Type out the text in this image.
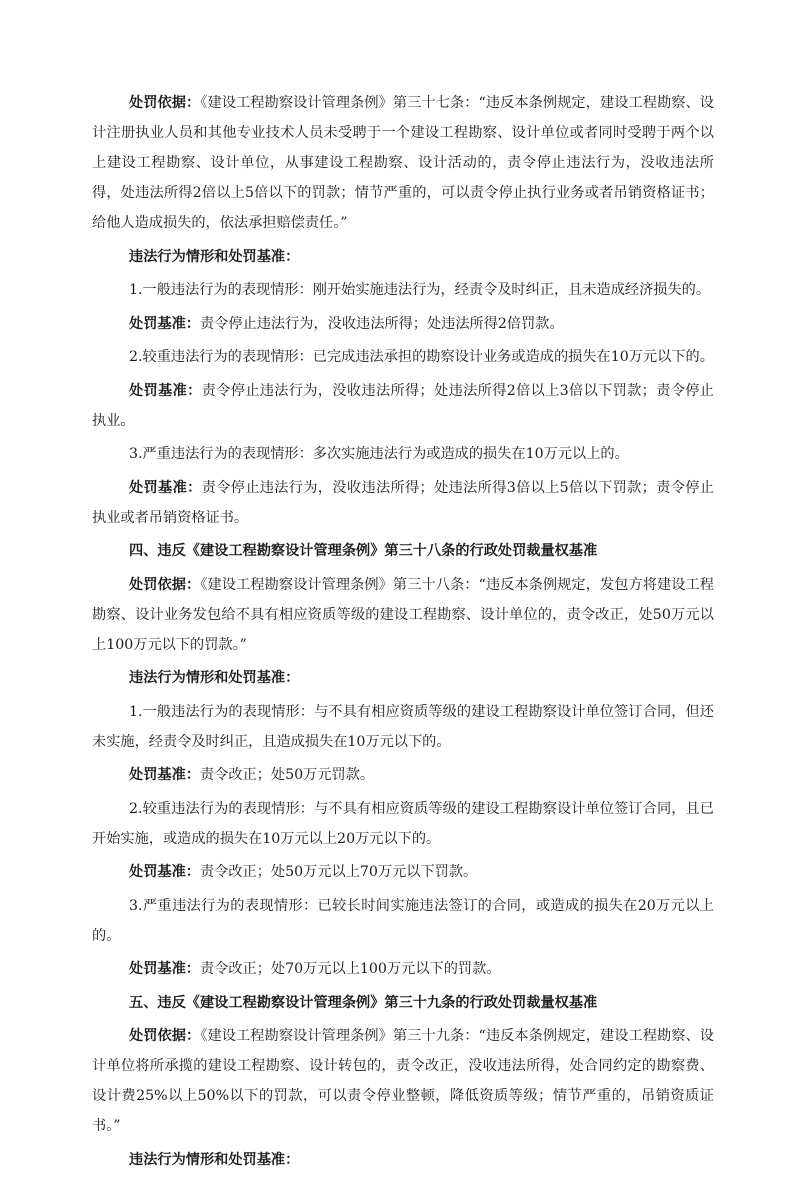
处罚依据：《建设工程勘察设计管理条例》第三十七条：“违反本条例规定，建设工程勘察、设计注册执业人员和其他专业技术人员未受聘于一个建设工程勘察、设计单位或者同时受聘于两个以上建设工程勘察、设计单位，从事建设工程勘察、设计活动的，责令停止违法行为，没收违法所得，处违法所得2倍以上5倍以下的罚款；情节严重的，可以责令停止执行业务或者吊销资格证书；给他人造成损失的，依法承担赔偿责任。”

违法行为情形和处罚基准：

1.一般违法行为的表现情形：刚开始实施违法行为，经责令及时纠正，且未造成经济损失的。

处罚基准：责令停止违法行为，没收违法所得；处违法所得2倍罚款。

2.较重违法行为的表现情形：已完成违法承担的勘察设计业务或造成的损失在10万元以下的。

处罚基准：责令停止违法行为，没收违法所得；处违法所得2倍以上3倍以下罚款；责令停止执业。

3.严重违法行为的表现情形：多次实施违法行为或造成的损失在10万元以上的。

处罚基准：责令停止违法行为，没收违法所得；处违法所得3倍以上5倍以下罚款；责令停止执业或者吊销资格证书。

四、违反《建设工程勘察设计管理条例》第三十八条的行政处罚裁量权基准

处罚依据：《建设工程勘察设计管理条例》第三十八条：“违反本条例规定，发包方将建设工程勘察、设计业务发包给不具有相应资质等级的建设工程勘察、设计单位的，责令改正，处50万元以上100万元以下的罚款。”

违法行为情形和处罚基准：

1.一般违法行为的表现情形：与不具有相应资质等级的建设工程勘察设计单位签订合同，但还未实施，经责令及时纠正，且造成损失在10万元以下的。

处罚基准：责令改正；处50万元罚款。

2.较重违法行为的表现情形：与不具有相应资质等级的建设工程勘察设计单位签订合同，且已开始实施，或造成的损失在10万元以上20万元以下的。

处罚基准：责令改正；处50万元以上70万元以下罚款。

3.严重违法行为的表现情形：已较长时间实施违法签订的合同，或造成的损失在20万元以上的。

处罚基准：责令改正；处70万元以上100万元以下的罚款。

五、违反《建设工程勘察设计管理条例》第三十九条的行政处罚裁量权基准

处罚依据：《建设工程勘察设计管理条例》第三十九条：“违反本条例规定，建设工程勘察、设计单位将所承揽的建设工程勘察、设计转包的，责令改正，没收违法所得，处合同约定的勘察费、设计费25%以上50%以下的罚款，可以责令停业整顿，降低资质等级；情节严重的，吊销资质证书。”

违法行为情形和处罚基准：
